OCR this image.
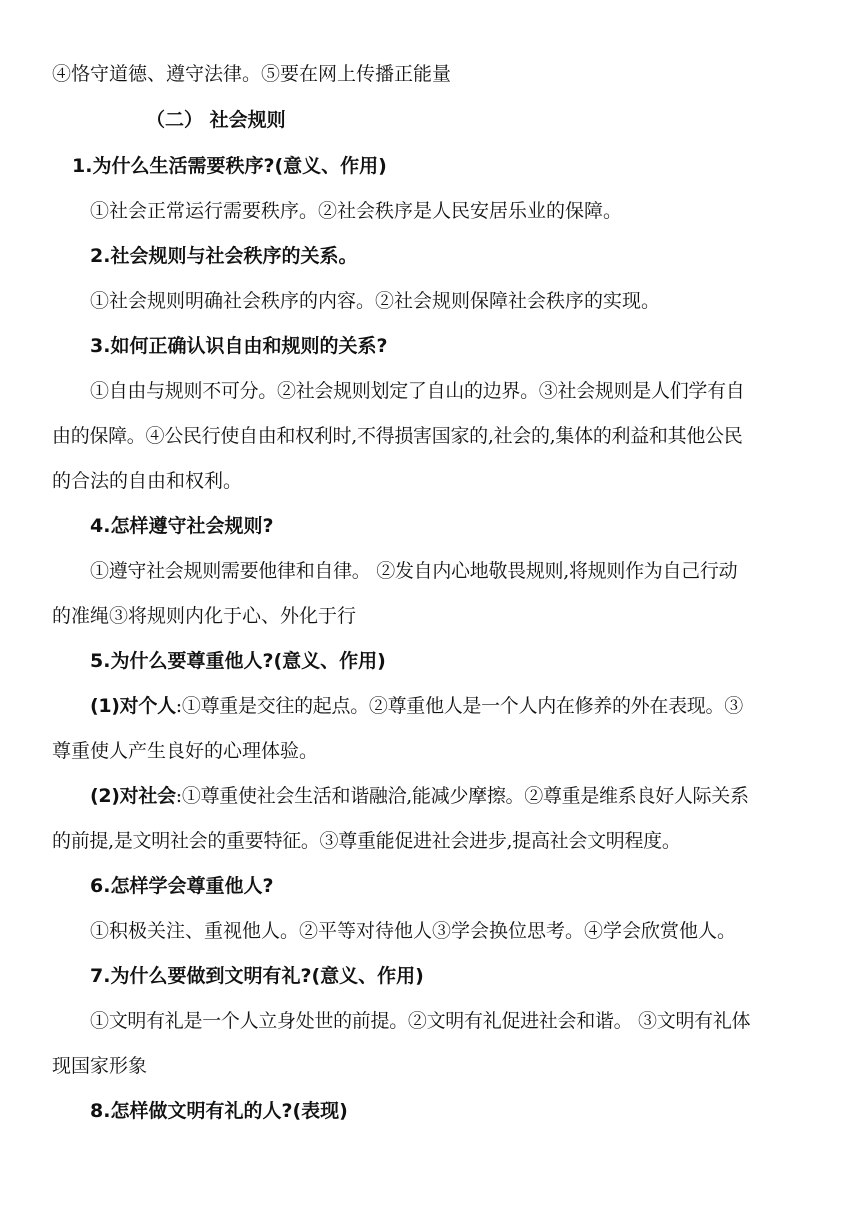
④恪守道德、遵守法律。⑤要在网上传播正能量
（二） 社会规则
1.为什么生活需要秩序?(意义、作用)
①社会正常运行需要秩序。②社会秩序是人民安居乐业的保障。
2.社会规则与社会秩序的关系。
①社会规则明确社会秩序的内容。②社会规则保障社会秩序的实现。
3.如何正确认识自由和规则的关系?
①自由与规则不可分。②社会规则划定了自山的边界。③社会规则是人们学有自
由的保障。④公民行使自由和权利时,不得损害国家的,社会的,集体的利益和其他公民
的合法的自由和权利。
4.怎样遵守社会规则?
①遵守社会规则需要他律和自律。 ②发自内心地敬畏规则,将规则作为自己行动
的准绳③将规则内化于心、外化于行
5.为什么要尊重他人?(意义、作用)
(1)对个人:①尊重是交往的起点。②尊重他人是一个人内在修养的外在表现。③
尊重使人产生良好的心理体验。
(2)对社会:①尊重使社会生活和谐融洽,能减少摩擦。②尊重是维系良好人际关系
的前提,是文明社会的重要特征。③尊重能促进社会进步,提高社会文明程度。
6.怎样学会尊重他人?
①积极关注、重视他人。②平等对待他人③学会换位思考。④学会欣赏他人。
7.为什么要做到文明有礼?(意义、作用)
①文明有礼是一个人立身处世的前提。②文明有礼促进社会和谐。 ③文明有礼体
现国家形象
8.怎样做文明有礼的人?(表现)
